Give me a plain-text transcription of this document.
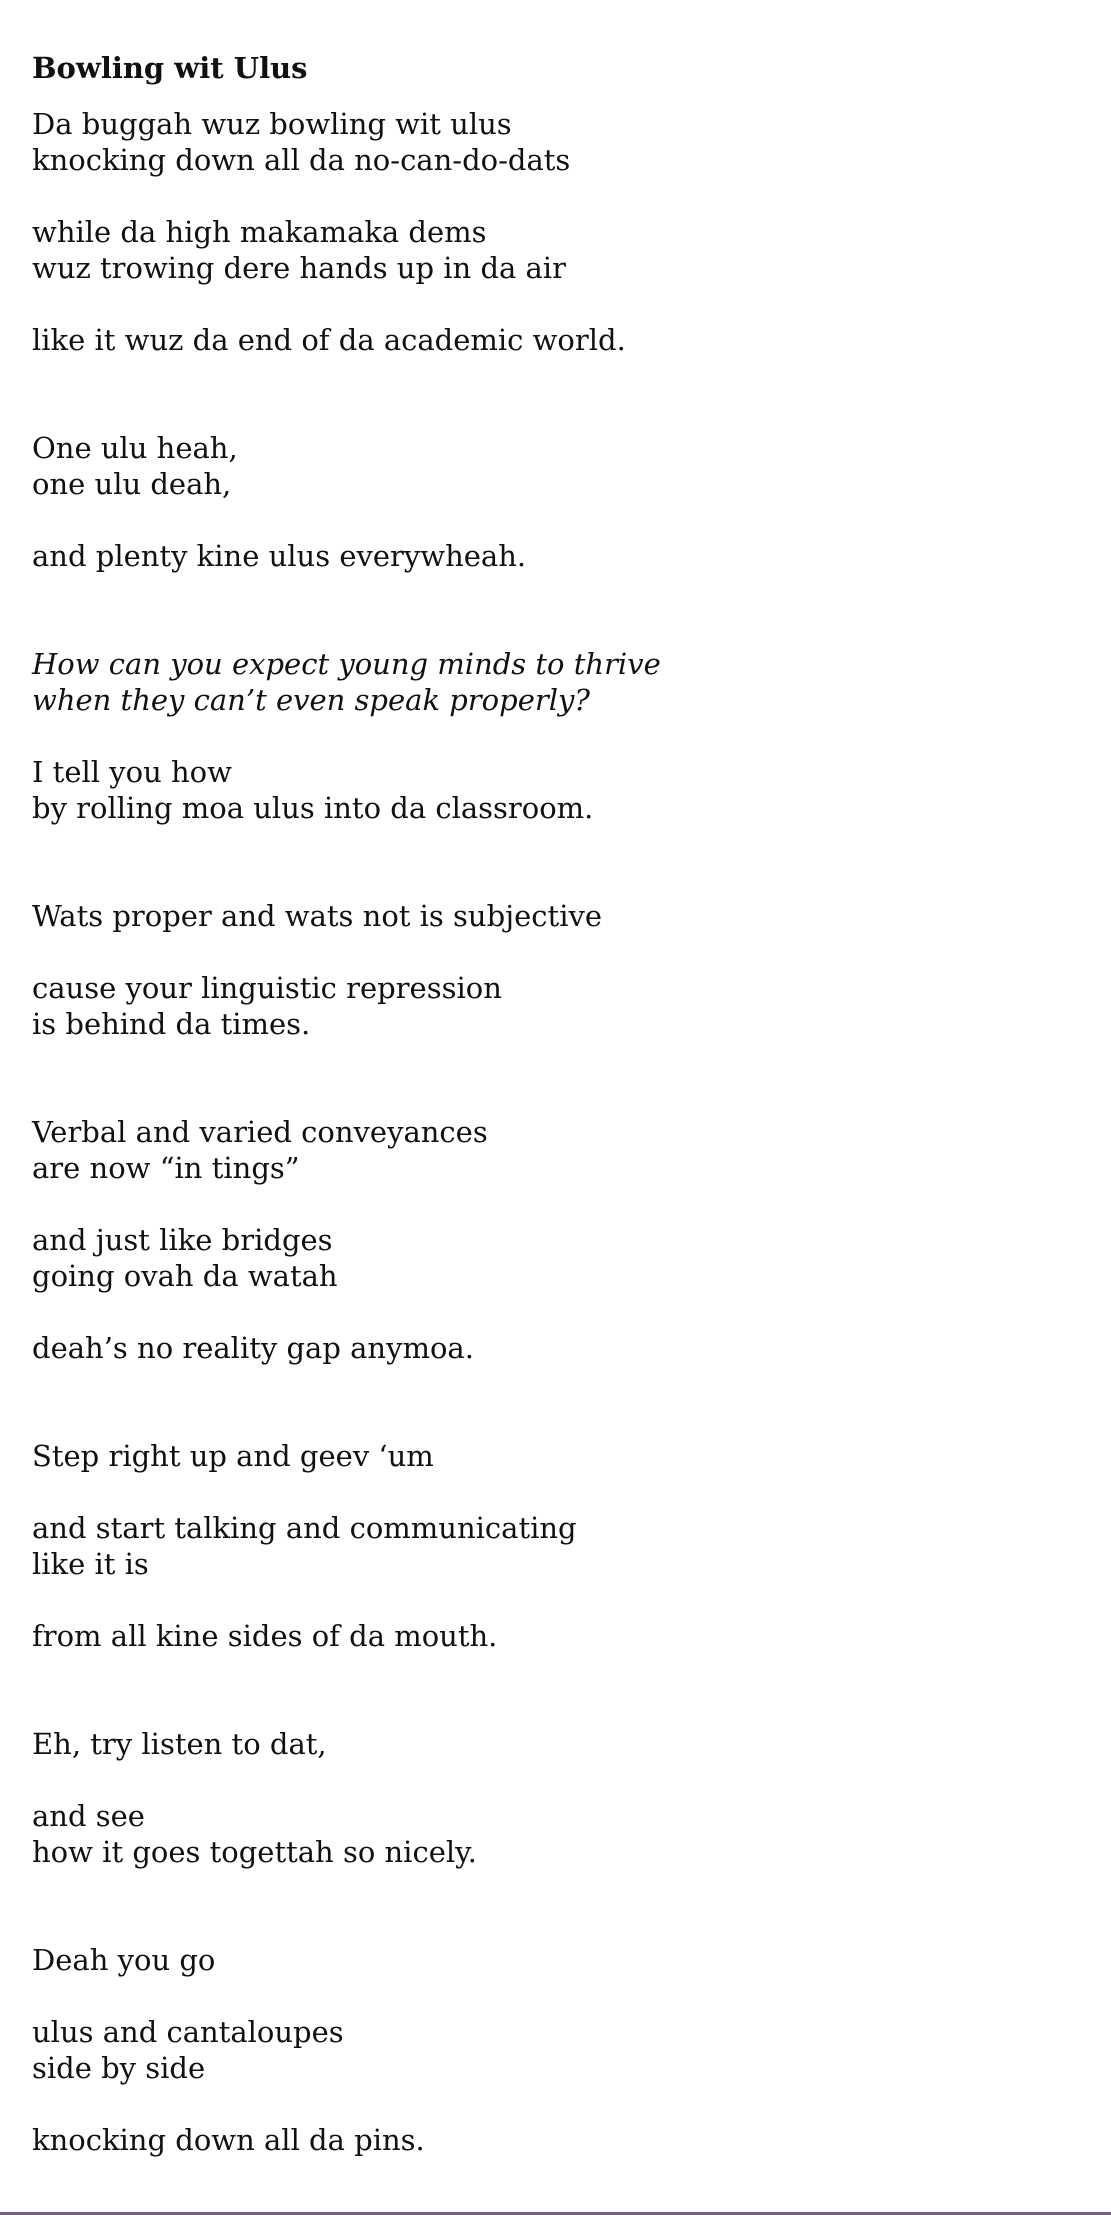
Bowling wit Ulus
Da buggah wuz bowling wit ulus
knocking down all da no-can-do-dats
while da high makamaka dems
wuz trowing dere hands up in da air
like it wuz da end of da academic world.
One ulu heah,
one ulu deah,
and plenty kine ulus everywheah.
How can you expect young minds to thrive
when they can’t even speak properly?
I tell you how
by rolling moa ulus into da classroom.
Wats proper and wats not is subjective
cause your linguistic repression
is behind da times.
Verbal and varied conveyances
are now “in tings”
and just like bridges
going ovah da watah
deah’s no reality gap anymoa.
Step right up and geev ‘um
and start talking and communicating
like it is
from all kine sides of da mouth.
Eh, try listen to dat,
and see
how it goes togettah so nicely.
Deah you go
ulus and cantaloupes
side by side
knocking down all da pins.
